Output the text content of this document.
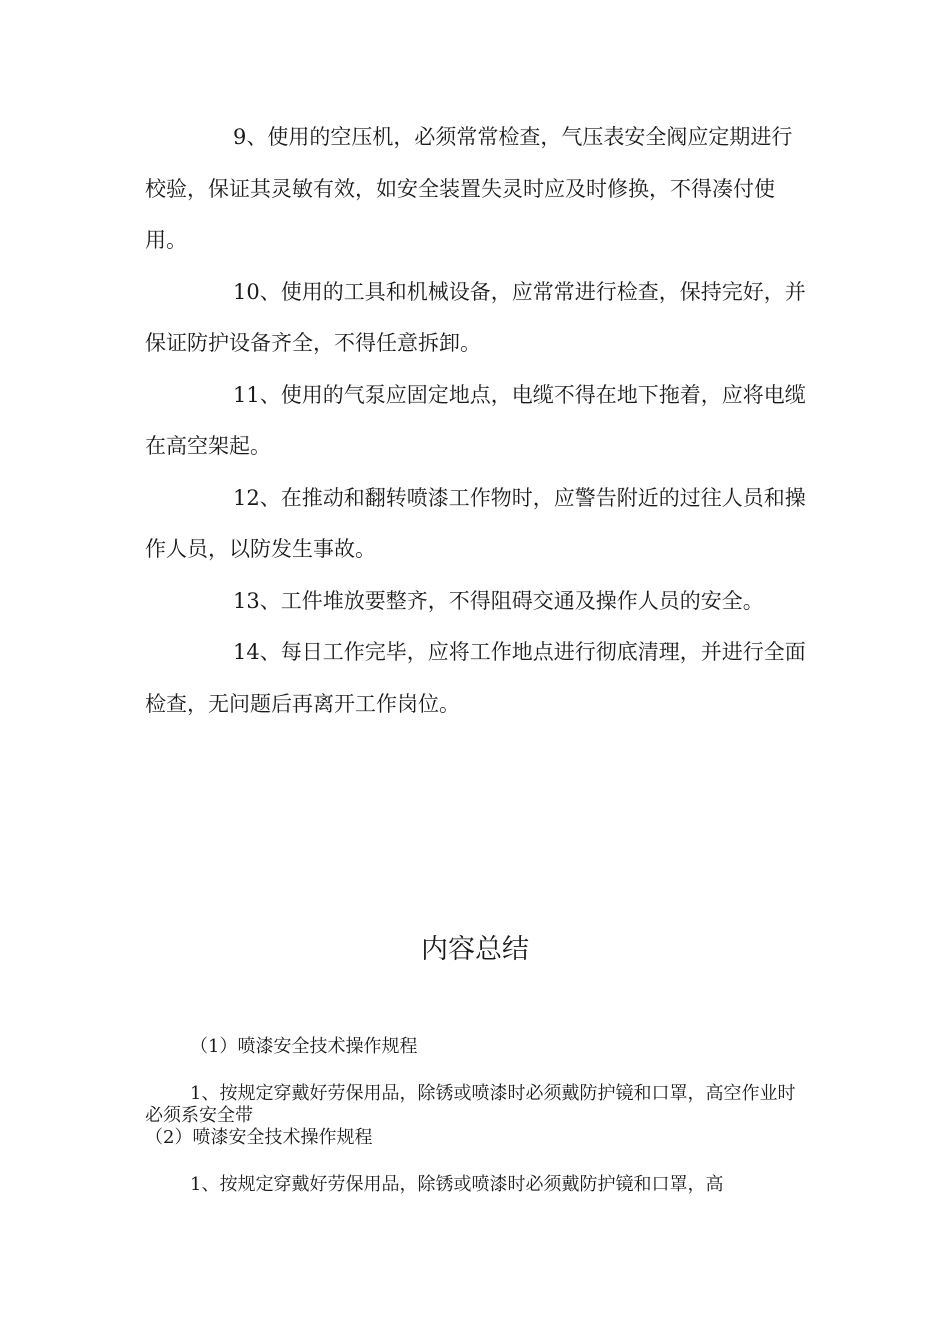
9、使用的空压机，必须常常检查，气压表安全阀应定期进行校验，保证其灵敏有效，如安全装置失灵时应及时修换，不得凑付使用。

10、使用的工具和机械设备，应常常进行检查，保持完好，并保证防护设备齐全，不得任意拆卸。

11、使用的气泵应固定地点，电缆不得在地下拖着，应将电缆在高空架起。

12、在推动和翻转喷漆工作物时，应警告附近的过往人员和操作人员，以防发生事故。

13、工件堆放要整齐，不得阻碍交通及操作人员的安全。

14、每日工作完毕，应将工作地点进行彻底清理，并进行全面检查，无问题后再离开工作岗位。

内容总结

（1）喷漆安全技术操作规程

1、按规定穿戴好劳保用品，除锈或喷漆时必须戴防护镜和口罩，高空作业时必须系安全带

（2）喷漆安全技术操作规程

1、按规定穿戴好劳保用品，除锈或喷漆时必须戴防护镜和口罩，高
